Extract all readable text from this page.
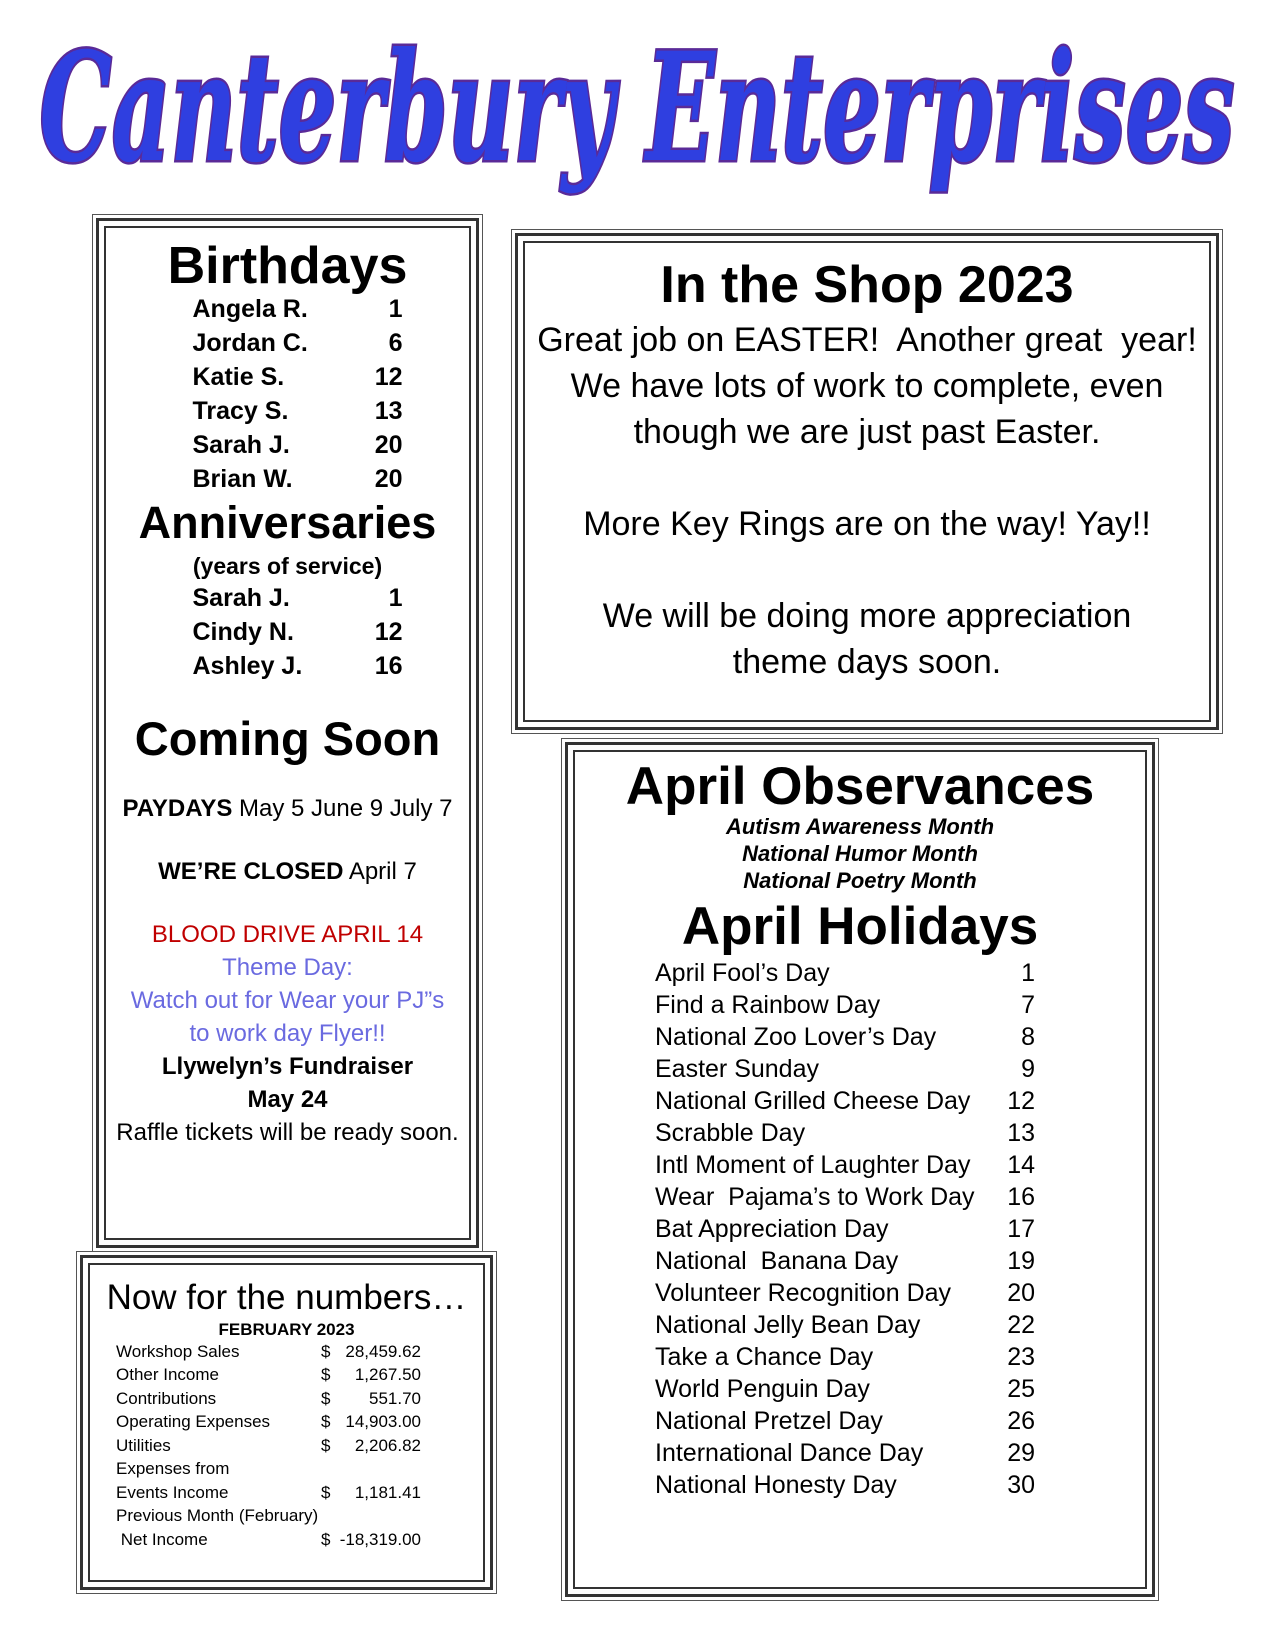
Canterbury Enterprises
Birthdays
Angela R.	1
Jordan C.	6
Katie S.	12
Tracy S.	13
Sarah J.	20
Brian W.	20
Anniversaries
(years of service)
Sarah J.	1
Cindy N.	12
Ashley J.	16
Coming Soon
PAYDAYS May 5 June 9 July 7
WE’RE CLOSED April 7
BLOOD DRIVE APRIL 14
Theme Day:
Watch out for Wear your PJ”s
to work day Flyer!!
Llywelyn’s Fundraiser
May 24
Raffle tickets will be ready soon.
Now for the numbers…
FEBRUARY 2023
Workshop Sales	$ 28,459.62
Other Income	$	1,267.50
Contributions	$	551.70
Operating Expenses	$ 14,903.00
Utilities	$	2,206.82
Expenses from
Events Income	$	1,181.41
Previous Month (February)
Net Income	$ -18,319.00
In the Shop 2023
Great job on EASTER!  Another great  year!
We have lots of work to complete, even
though we are just past Easter.
More Key Rings are on the way! Yay!!
We will be doing more appreciation
theme days soon.
April Observances
Autism Awareness Month
National Humor Month
National Poetry Month
April Holidays
April Fool’s Day	1
Find a Rainbow Day	7
National Zoo Lover’s Day	8
Easter Sunday	9
National Grilled Cheese Day	12
Scrabble Day	13
Intl Moment of Laughter Day	14
Wear  Pajama’s to Work Day	16
Bat Appreciation Day	17
National  Banana Day	19
Volunteer Recognition Day	20
National Jelly Bean Day	22
Take a Chance Day	23
World Penguin Day	25
National Pretzel Day	26
International Dance Day	29
National Honesty Day	30
